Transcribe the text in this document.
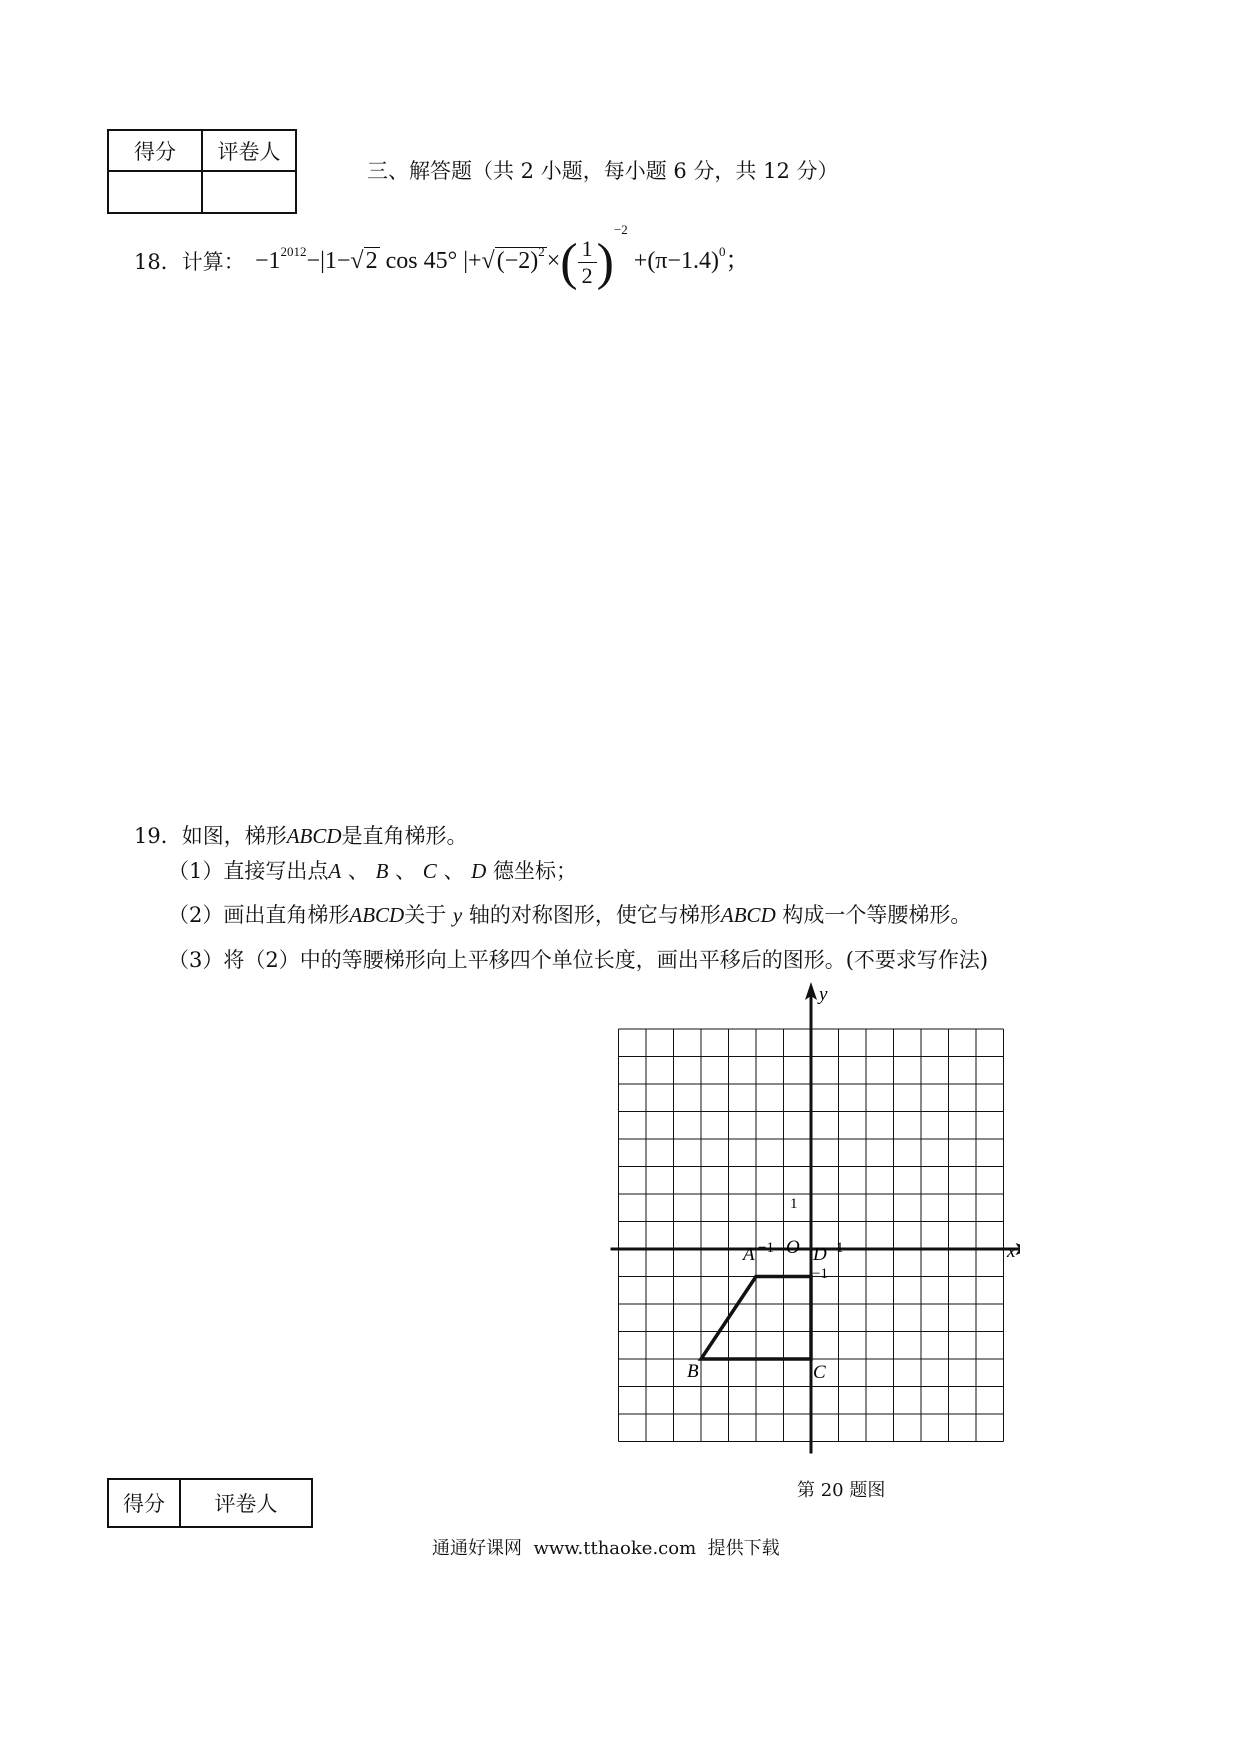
得分	评卷人

三、解答题（共 2 小题，每小题 6 分，共 12 分）
18．计算： $-1^{2012}-|1-√2$ cos 45° $|+√(-2)^2\times( \frac{1}{2} )^{-2} +(\pi-1.4)^0$；
19．如图，梯形ABCD是直角梯形。
（1）直接写出点A 、 B 、 C 、 D 德坐标；
（2）画出直角梯形ABCD关于 y 轴的对称图形，使它与梯形ABCD 构成一个等腰梯形。
（3）将（2）中的等腰梯形向上平移四个单位长度，画出平移后的图形。(不要求写作法)
x
y
O 1
−1
1
−1
A
B	C
D
第 20 题图
得分	评卷人
通通好课网  www.tthaoke.com  提供下载
